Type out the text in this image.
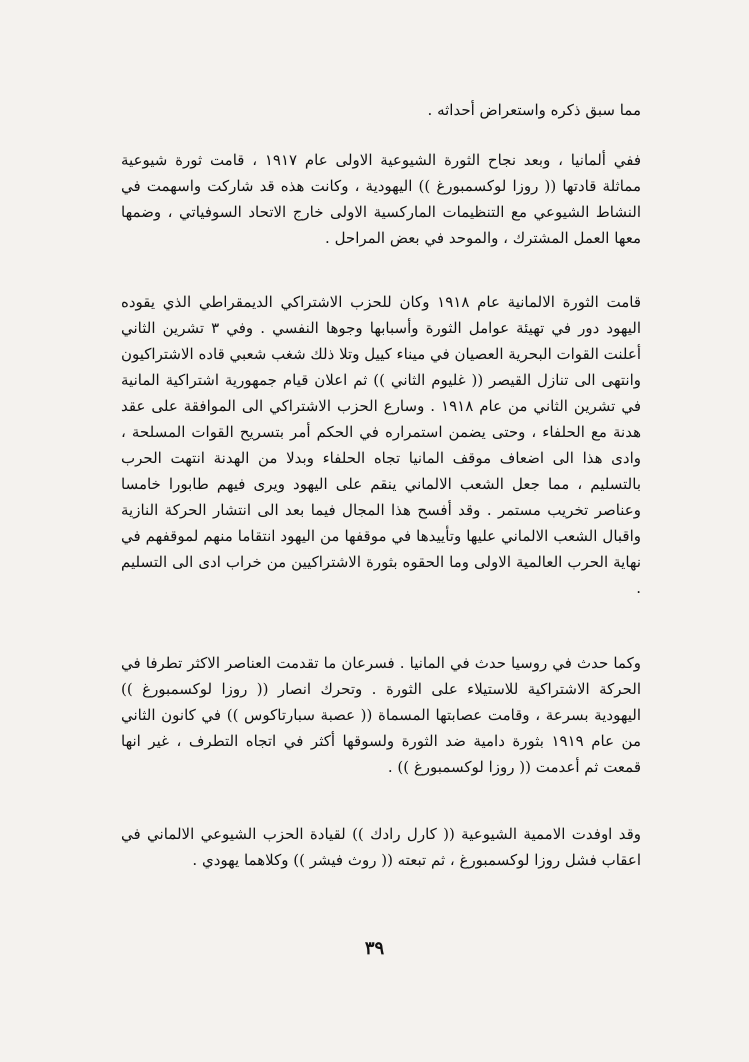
مما سبق ذكره واستعراض أحداثه .

ففي ألمانيا ، وبعد نجاح الثورة الشيوعية الاولى عام ١٩١٧ ، قامت ثورة شيوعية مماثلة قادتها (( روزا لوكسمبورغ )) اليهودية ، وكانت هذه قد شاركت واسهمت في النشاط الشيوعي مع التنظيمات الماركسية الاولى خارج الاتحاد السوفياتي ، وضمها معها العمل المشترك ، والموحد في بعض المراحل .

قامت الثورة الالمانية عام ١٩١٨ وكان للحزب الاشتراكي الديمقراطي الذي يقوده اليهود دور في تهيئة عوامل الثورة وأسبابها وجوها النفسي . وفي ٣ تشرين الثاني أعلنت القوات البحرية العصيان في ميناء كييل وتلا ذلك شغب شعبي قاده الاشتراكيون وانتهى الى تنازل القيصر (( غليوم الثاني )) ثم اعلان قيام جمهورية اشتراكية المانية في تشرين الثاني من عام ١٩١٨ . وسارع الحزب الاشتراكي الى الموافقة على عقد هدنة مع الحلفاء ، وحتى يضمن استمراره في الحكم أمر بتسريح القوات المسلحة ، وادى هذا الى اضعاف موقف المانيا تجاه الحلفاء وبدلا من الهدنة انتهت الحرب بالتسليم ، مما جعل الشعب الالماني ينقم على اليهود ويرى فيهم طابورا خامسا وعناصر تخريب مستمر . وقد أفسح هذا المجال فيما بعد الى انتشار الحركة النازية واقبال الشعب الالماني عليها وتأييدها في موقفها من اليهود انتقاما منهم لموقفهم في نهاية الحرب العالمية الاولى وما الحقوه بثورة الاشتراكيين من خراب ادى الى التسليم .

وكما حدث في روسيا حدث في المانيا . فسرعان ما تقدمت العناصر الاكثر تطرفا في الحركة الاشتراكية للاستيلاء على الثورة . وتحرك انصار (( روزا لوكسمبورغ )) اليهودية بسرعة ، وقامت عصابتها المسماة (( عصبة سبارتاكوس )) في كانون الثاني من عام ١٩١٩ بثورة دامية ضد الثورة ولسوقها أكثر في اتجاه التطرف ، غير انها قمعت ثم أعدمت (( روزا لوكسمبورغ )) .

وقد اوفدت الاممية الشيوعية (( كارل رادك )) لقيادة الحزب الشيوعي الالماني في اعقاب فشل روزا لوكسمبورغ ، ثم تبعته (( روث فيشر )) وكلاهما يهودي .

٣٩
